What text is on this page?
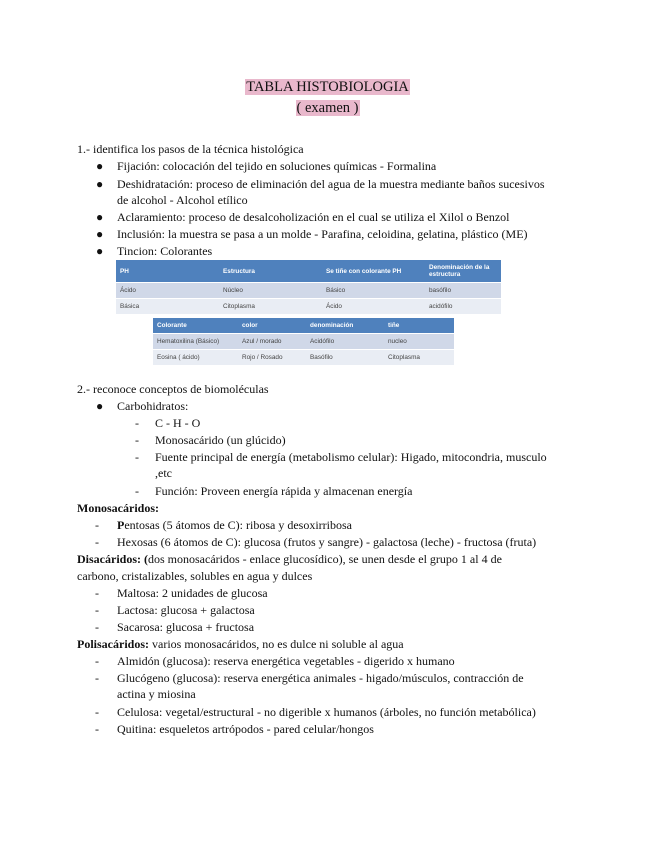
TABLA HISTOBIOLOGIA
( examen )
1.- identifica los pasos de la técnica histológica
● Fijación: colocación del tejido en soluciones químicas - Formalina
● Deshidratación: proceso de eliminación del agua de la muestra mediante baños sucesivos
de alcohol - Alcohol etílico
● Aclaramiento: proceso de desalcoholización en el cual se utiliza el Xilol o Benzol
● Inclusión: la muestra se pasa a un molde - Parafina, celoidina, gelatina, plástico (ME)
● Tincion: Colorantes
PH	Estructura	Se tiñe con colorante PH	Denominación de la estructura
Ácido	Núcleo	Básico	basófilo
Básica	Citoplasma	Ácido	acidófilo
Colorante	color	denominación	tiñe
Hematoxilina (Básico)	Azul / morado	Acidófilo	nucleo
Eosina ( ácido)	Rojo / Rosado	Basófilo	Citoplasma
2.- reconoce conceptos de biomoléculas
● Carbohidratos:
- C - H - O
- Monosacárido (un glúcido)
- Fuente principal de energía (metabolismo celular): Higado, mitocondria, musculo
,etc
- Función: Proveen energía rápida y almacenan energía
Monosacáridos:
- Pentosas (5 átomos de C): ribosa y desoxirribosa
- Hexosas (6 átomos de C): glucosa (frutos y sangre) - galactosa (leche) - fructosa (fruta)
Disacáridos: (dos monosacáridos - enlace glucosídico), se unen desde el grupo 1 al 4 de
carbono, cristalizables, solubles en agua y dulces
- Maltosa: 2 unidades de glucosa
- Lactosa: glucosa + galactosa
- Sacarosa: glucosa + fructosa
Polisacáridos: varios monosacáridos, no es dulce ni soluble al agua
- Almidón (glucosa): reserva energética vegetables - digerido x humano
- Glucógeno (glucosa): reserva energética animales - higado/músculos, contracción de
actina y miosina
- Celulosa: vegetal/estructural - no digerible x humanos (árboles, no función metabólica)
- Quitina: esqueletos artrópodos - pared celular/hongos
